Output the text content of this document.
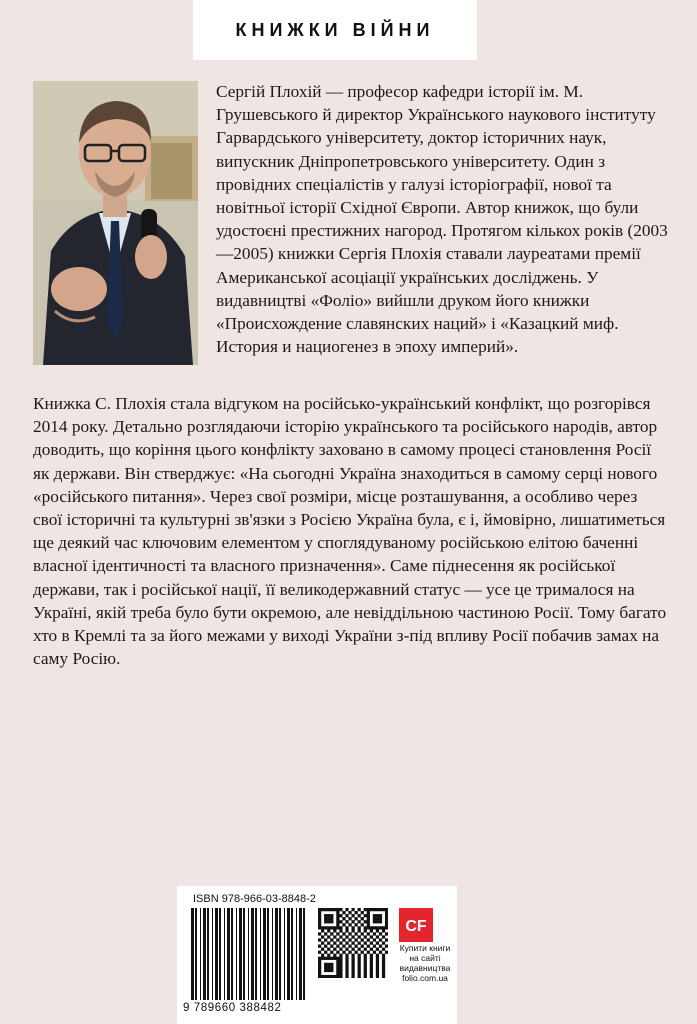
КНИЖКИ ВІЙНИ

Сергій Плохій — професор кафедри історії ім. М. Грушевського й директор Українського наукового інституту Гарвардського університету, доктор історичних наук, випускник Дніпропетровського університету. Один з провідних спеціалістів у галузі історіографії, нової та новітньої історії Східної Європи. Автор книжок, що були удостоєні престижних нагород. Протягом кількох років (2003—2005) книжки Сергія Плохія ставали лауреатами премії Американської асоціації українських досліджень. У видавництві «Фоліо» вийшли друком його книжки «Происхождение славянских наций» і «Казацкий миф. История и нациогенез в эпоху империй».

Книжка С. Плохія стала відгуком на російсько-український конфлікт, що розгорівся 2014 року. Детально розглядаючи історію українського та російського народів, автор доводить, що коріння цього конфлікту заховано в самому процесі становлення Росії як держави. Він стверджує: «На сьогодні Україна знаходиться в самому серці нового «російського питання». Через свої розміри, місце розташування, а особливо через свої історичні та культурні зв'язки з Росією Україна була, є і, ймовірно, лишатиметься ще деякий час ключовим елементом у споглядуваному російською елітою баченні власної ідентичності та власного призначення». Саме піднесення як російської держави, так і російської нації, її великодержавний статус — усе це трималося на Україні, якій треба було бути окремою, але невіддільною частиною Росії. Тому багато хто в Кремлі та за його межами у виході України з-під впливу Росії побачив замах на саму Росію.

ISBN 978-966-03-8848-2
9 789660 388482
CF
Купити книги
на сайті
видавництва
folio.com.ua
